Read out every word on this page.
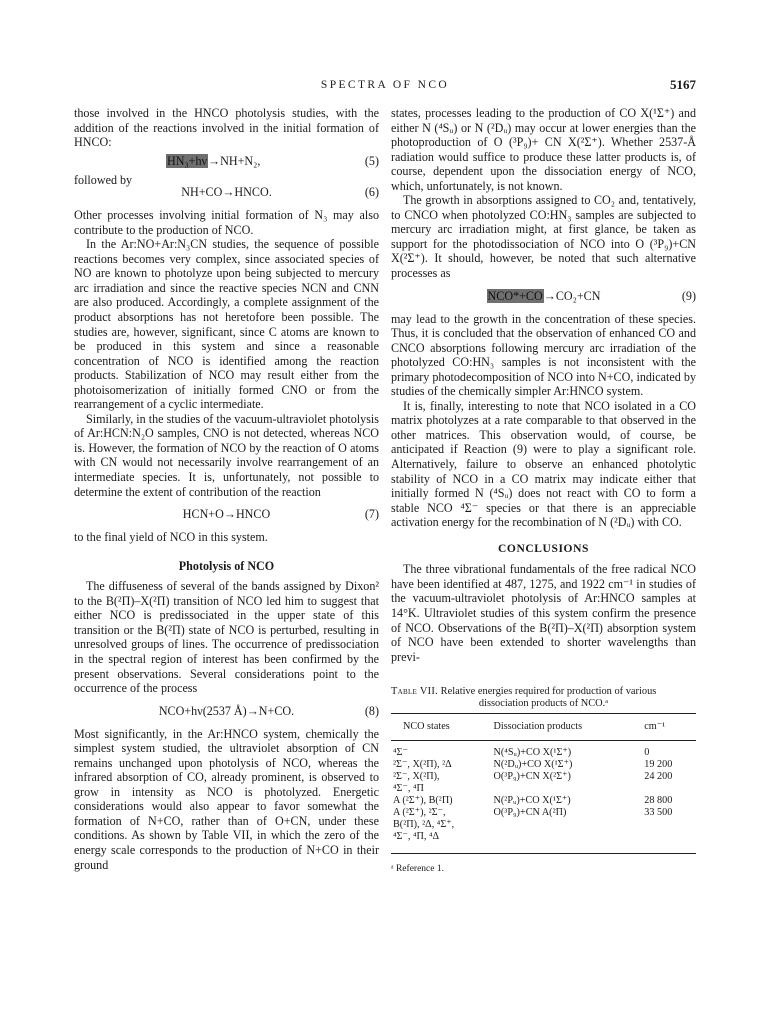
SPECTRA OF NCO	5167

those involved in the HNCO photolysis studies, with the addition of the reactions involved in the initial formation of HNCO:

HN₃+hν→NH+N₂,	(5)

followed by

NH+CO→HNCO.	(6)

Other processes involving initial formation of N₃ may also contribute to the production of NCO.

In the Ar:NO+Ar:N₃CN studies, the sequence of possible reactions becomes very complex, since associated species of NO are known to photolyze upon being subjected to mercury arc irradiation and since the reactive species NCN and CNN are also produced. Accordingly, a complete assignment of the product absorptions has not heretofore been possible. The studies are, however, significant, since C atoms are known to be produced in this system and since a reasonable concentration of NCO is identified among the reaction products. Stabilization of NCO may result either from the photoisomerization of initially formed CNO or from the rearrangement of a cyclic intermediate.

Similarly, in the studies of the vacuum-ultraviolet photolysis of Ar:HCN:N₂O samples, CNO is not detected, whereas NCO is. However, the formation of NCO by the reaction of O atoms with CN would not necessarily involve rearrangement of an intermediate species. It is, unfortunately, not possible to determine the extent of contribution of the reaction

HCN+O→HNCO	(7)

to the final yield of NCO in this system.

Photolysis of NCO

The diffuseness of several of the bands assigned by Dixon² to the B(²Π)–X(²Π) transition of NCO led him to suggest that either NCO is predissociated in the upper state of this transition or the B(²Π) state of NCO is perturbed, resulting in unresolved groups of lines. The occurrence of predissociation in the spectral region of interest has been confirmed by the present observations. Several considerations point to the occurrence of the process

NCO+hν(2537 Å)→N+CO.	(8)

Most significantly, in the Ar:HNCO system, chemically the simplest system studied, the ultraviolet absorption of CN remains unchanged upon photolysis of NCO, whereas the infrared absorption of CO, already prominent, is observed to grow in intensity as NCO is photolyzed. Energetic considerations would also appear to favor somewhat the formation of N+CO, rather than of O+CN, under these conditions. As shown by Table VII, in which the zero of the energy scale corresponds to the production of N+CO in their ground

states, processes leading to the production of CO X(¹Σ⁺) and either N (⁴Sᵤ) or N (²Dᵤ) may occur at lower energies than the photoproduction of O (³P₉)+ CN X(²Σ⁺). Whether 2537-Å radiation would suffice to produce these latter products is, of course, dependent upon the dissociation energy of NCO, which, unfortunately, is not known.

The growth in absorptions assigned to CO₂ and, tentatively, to CNCO when photolyzed CO:HN₃ samples are subjected to mercury arc irradiation might, at first glance, be taken as support for the photodissociation of NCO into O (³P₉)+CN X(²Σ⁺). It should, however, be noted that such alternative processes as

NCO*+CO→CO₂+CN	(9)

may lead to the growth in the concentration of these species. Thus, it is concluded that the observation of enhanced CO and CNCO absorptions following mercury arc irradiation of the photolyzed CO:HN₃ samples is not inconsistent with the primary photodecomposition of NCO into N+CO, indicated by studies of the chemically simpler Ar:HNCO system.

It is, finally, interesting to note that NCO isolated in a CO matrix photolyzes at a rate comparable to that observed in the other matrices. This observation would, of course, be anticipated if Reaction (9) were to play a significant role. Alternatively, failure to observe an enhanced photolytic stability of NCO in a CO matrix may indicate either that initially formed N (⁴Sᵤ) does not react with CO to form a stable NCO ⁴Σ⁻ species or that there is an appreciable activation energy for the recombination of N (²Dᵤ) with CO.

CONCLUSIONS

The three vibrational fundamentals of the free radical NCO have been identified at 487, 1275, and 1922 cm⁻¹ in studies of the vacuum-ultraviolet photolysis of Ar:HNCO samples at 14°K. Ultraviolet studies of this system confirm the presence of NCO. Observations of the B(²Π)–X(²Π) absorption system of NCO have been extended to shorter wavelengths than previ-

Table VII. Relative energies required for production of various
dissociation products of NCO.ᵃ
NCO states	Dissociation products	cm⁻¹
⁴Σ⁻	N(⁴Sᵤ)+CO X(¹Σ⁺)	0
²Σ⁻, X(²Π), ²Δ	N(²Dᵤ)+CO X(¹Σ⁺)	19 200
²Σ⁻, X(²Π),	O(³P₉)+CN X(²Σ⁺)	24 200
⁴Σ⁻, ⁴Π		
A (²Σ⁺), B(²Π)	N(²Pᵤ)+CO X(¹Σ⁺)	28 800
A (²Σ⁺), ²Σ⁻,	O(³P₉)+CN A(²Π)	33 500
B(²Π), ²Δ, ⁴Σ⁺,		
⁴Σ⁻, ⁴Π, ⁴Δ		
ᵃ Reference 1.
